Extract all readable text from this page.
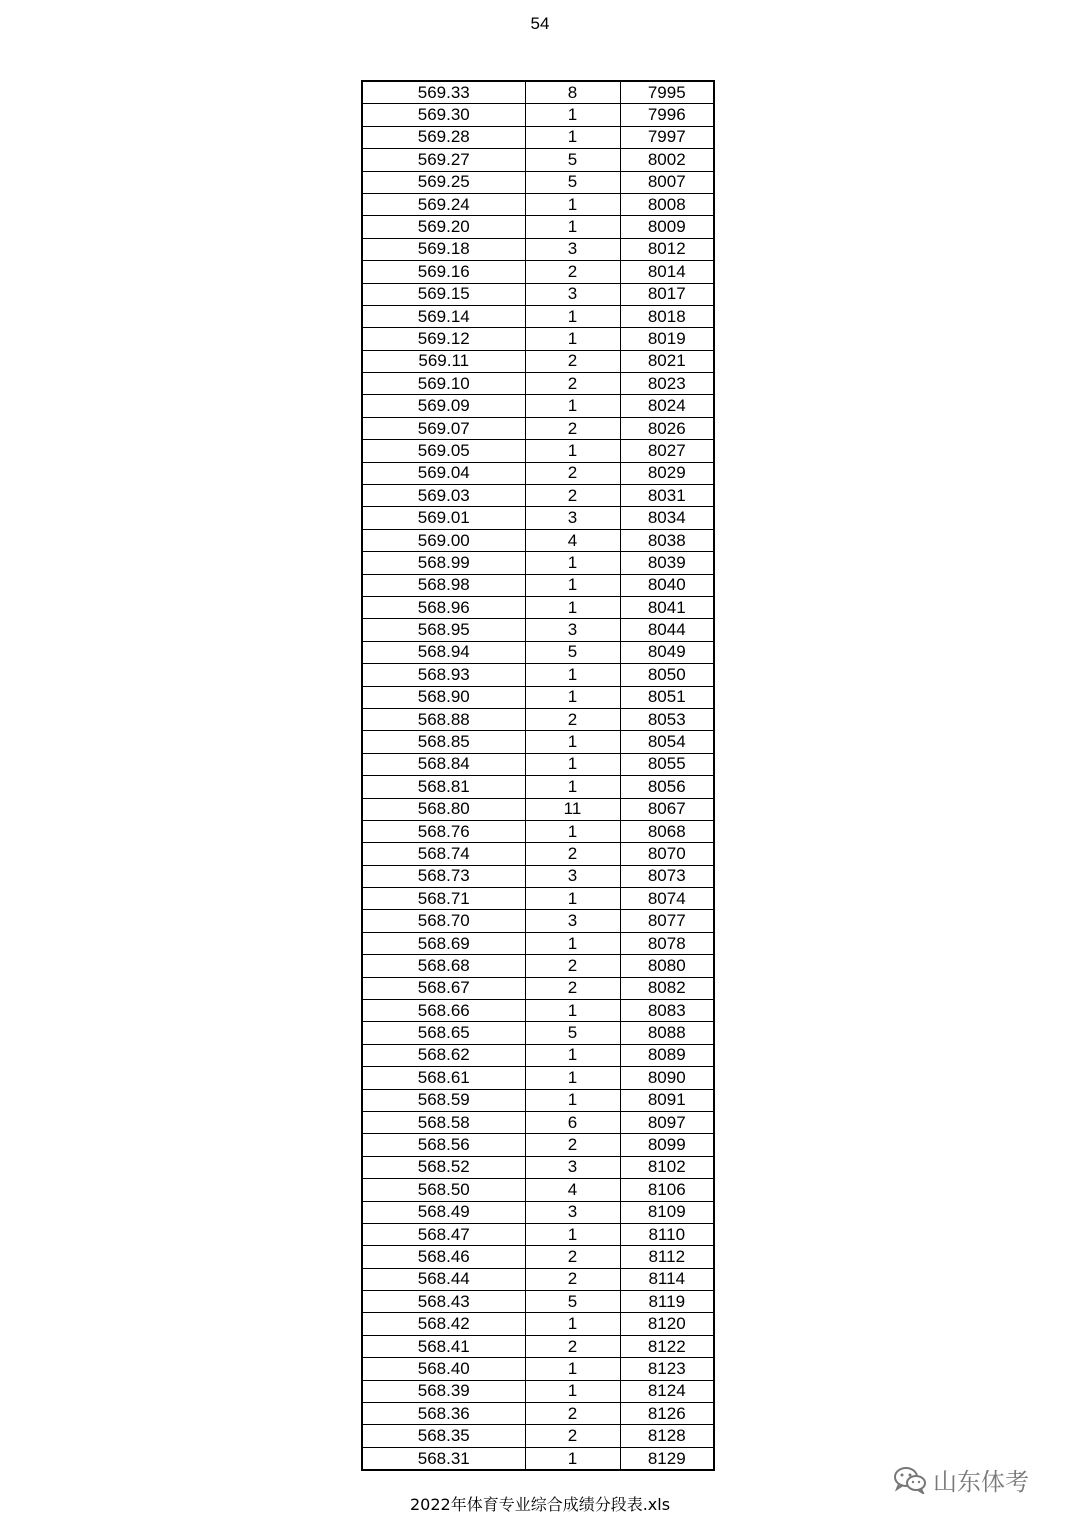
54
569.33	8	7995
569.30	1	7996
569.28	1	7997
569.27	5	8002
569.25	5	8007
569.24	1	8008
569.20	1	8009
569.18	3	8012
569.16	2	8014
569.15	3	8017
569.14	1	8018
569.12	1	8019
569.11	2	8021
569.10	2	8023
569.09	1	8024
569.07	2	8026
569.05	1	8027
569.04	2	8029
569.03	2	8031
569.01	3	8034
569.00	4	8038
568.99	1	8039
568.98	1	8040
568.96	1	8041
568.95	3	8044
568.94	5	8049
568.93	1	8050
568.90	1	8051
568.88	2	8053
568.85	1	8054
568.84	1	8055
568.81	1	8056
568.80	11	8067
568.76	1	8068
568.74	2	8070
568.73	3	8073
568.71	1	8074
568.70	3	8077
568.69	1	8078
568.68	2	8080
568.67	2	8082
568.66	1	8083
568.65	5	8088
568.62	1	8089
568.61	1	8090
568.59	1	8091
568.58	6	8097
568.56	2	8099
568.52	3	8102
568.50	4	8106
568.49	3	8109
568.47	1	8110
568.46	2	8112
568.44	2	8114
568.43	5	8119
568.42	1	8120
568.41	2	8122
568.40	1	8123
568.39	1	8124
568.36	2	8126
568.35	2	8128
568.31	1	8129
山东体考
2022年体育专业综合成绩分段表.xls
